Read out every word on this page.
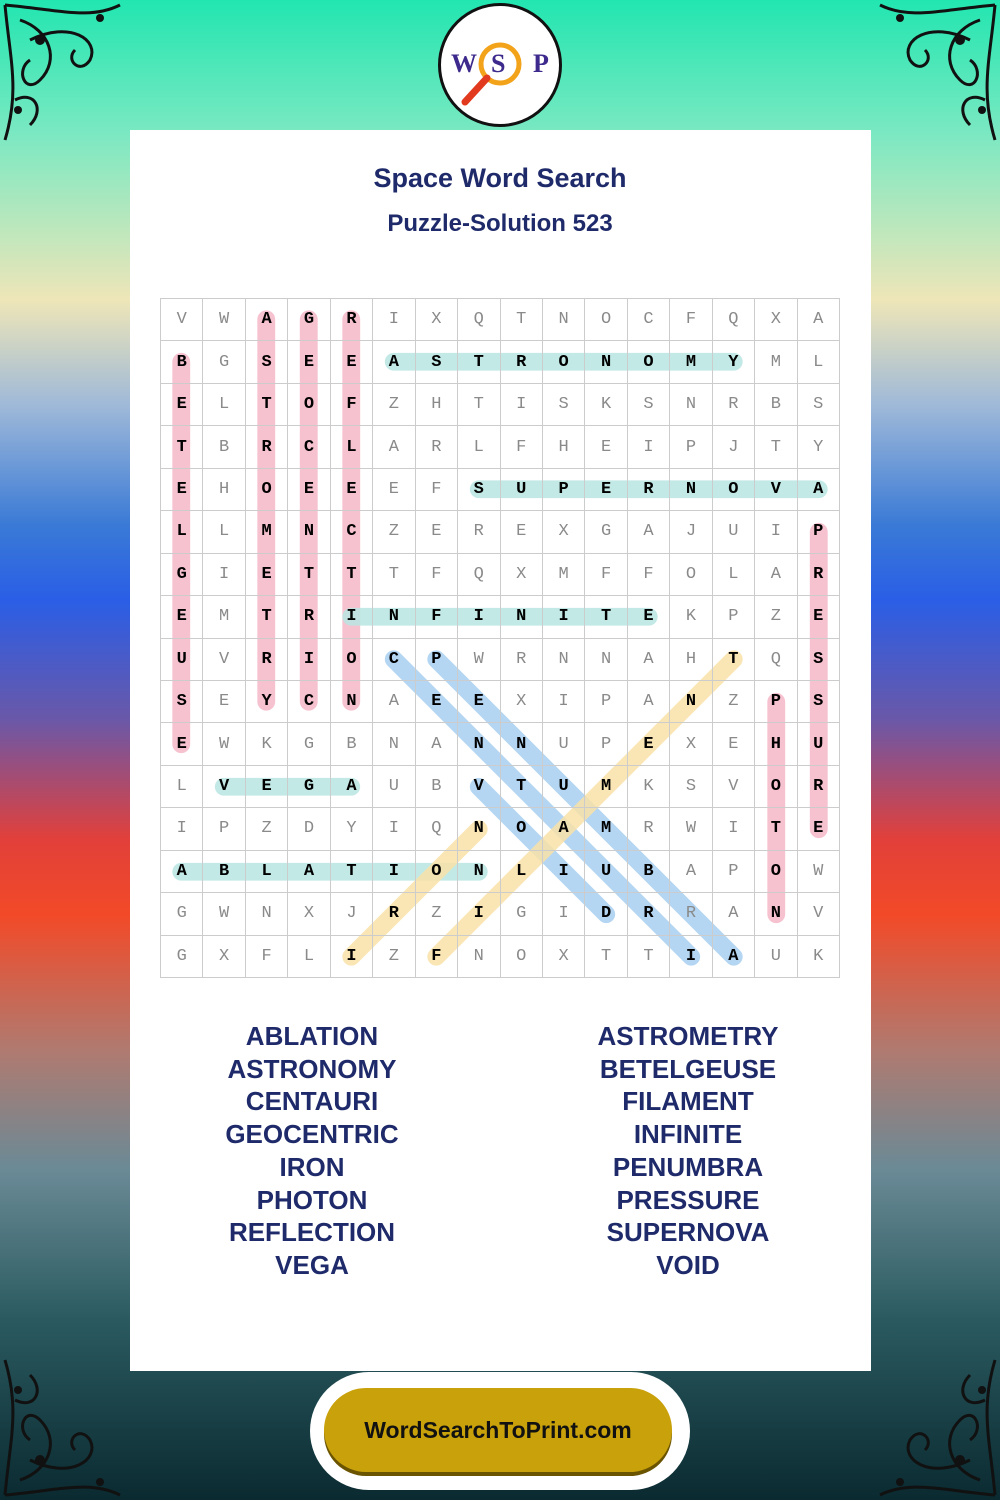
W S P
Space Word Search
Puzzle-Solution 523
V	W	A	G	R	I	X	Q	T	N	O	C	F	Q	X	A
B	G	S	E	E	A	S	T	R	O	N	O	M	Y	M	L
E	L	T	O	F	Z	H	T	I	S	K	S	N	R	B	S
T	B	R	C	L	A	R	L	F	H	E	I	P	J	T	Y
E	H	O	E	E	E	F	S	U	P	E	R	N	O	V	A
L	L	M	N	C	Z	E	R	E	X	G	A	J	U	I	P
G	I	E	T	T	T	F	Q	X	M	F	F	O	L	A	R
E	M	T	R	I	N	F	I	N	I	T	E	K	P	Z	E
U	V	R	I	O	C	P	W	R	N	N	A	H	T	Q	S
S	E	Y	C	N	A	E	E	X	I	P	A	N	Z	P	S
E	W	K	G	B	N	A	N	N	U	P	E	X	E	H	U
L	V	E	G	A	U	B	V	T	U	M	K	S	V	O	R
I	P	Z	D	Y	I	Q	N	O	A	M	R	W	I	T	E
A	B	L	A	T	I	O	N	L	I	U	B	A	P	O	W
G	W	N	X	J	R	Z	I	G	I	D	R	R	A	N	V
G	X	F	L	I	Z	F	N	O	X	T	T	I	A	U	K
ABLATION
ASTRONOMY
CENTAURI
GEOCENTRIC
IRON
PHOTON
REFLECTION
VEGA
ASTROMETRY
BETELGEUSE
FILAMENT
INFINITE
PENUMBRA
PRESSURE
SUPERNOVA
VOID
WordSearchToPrint.com
